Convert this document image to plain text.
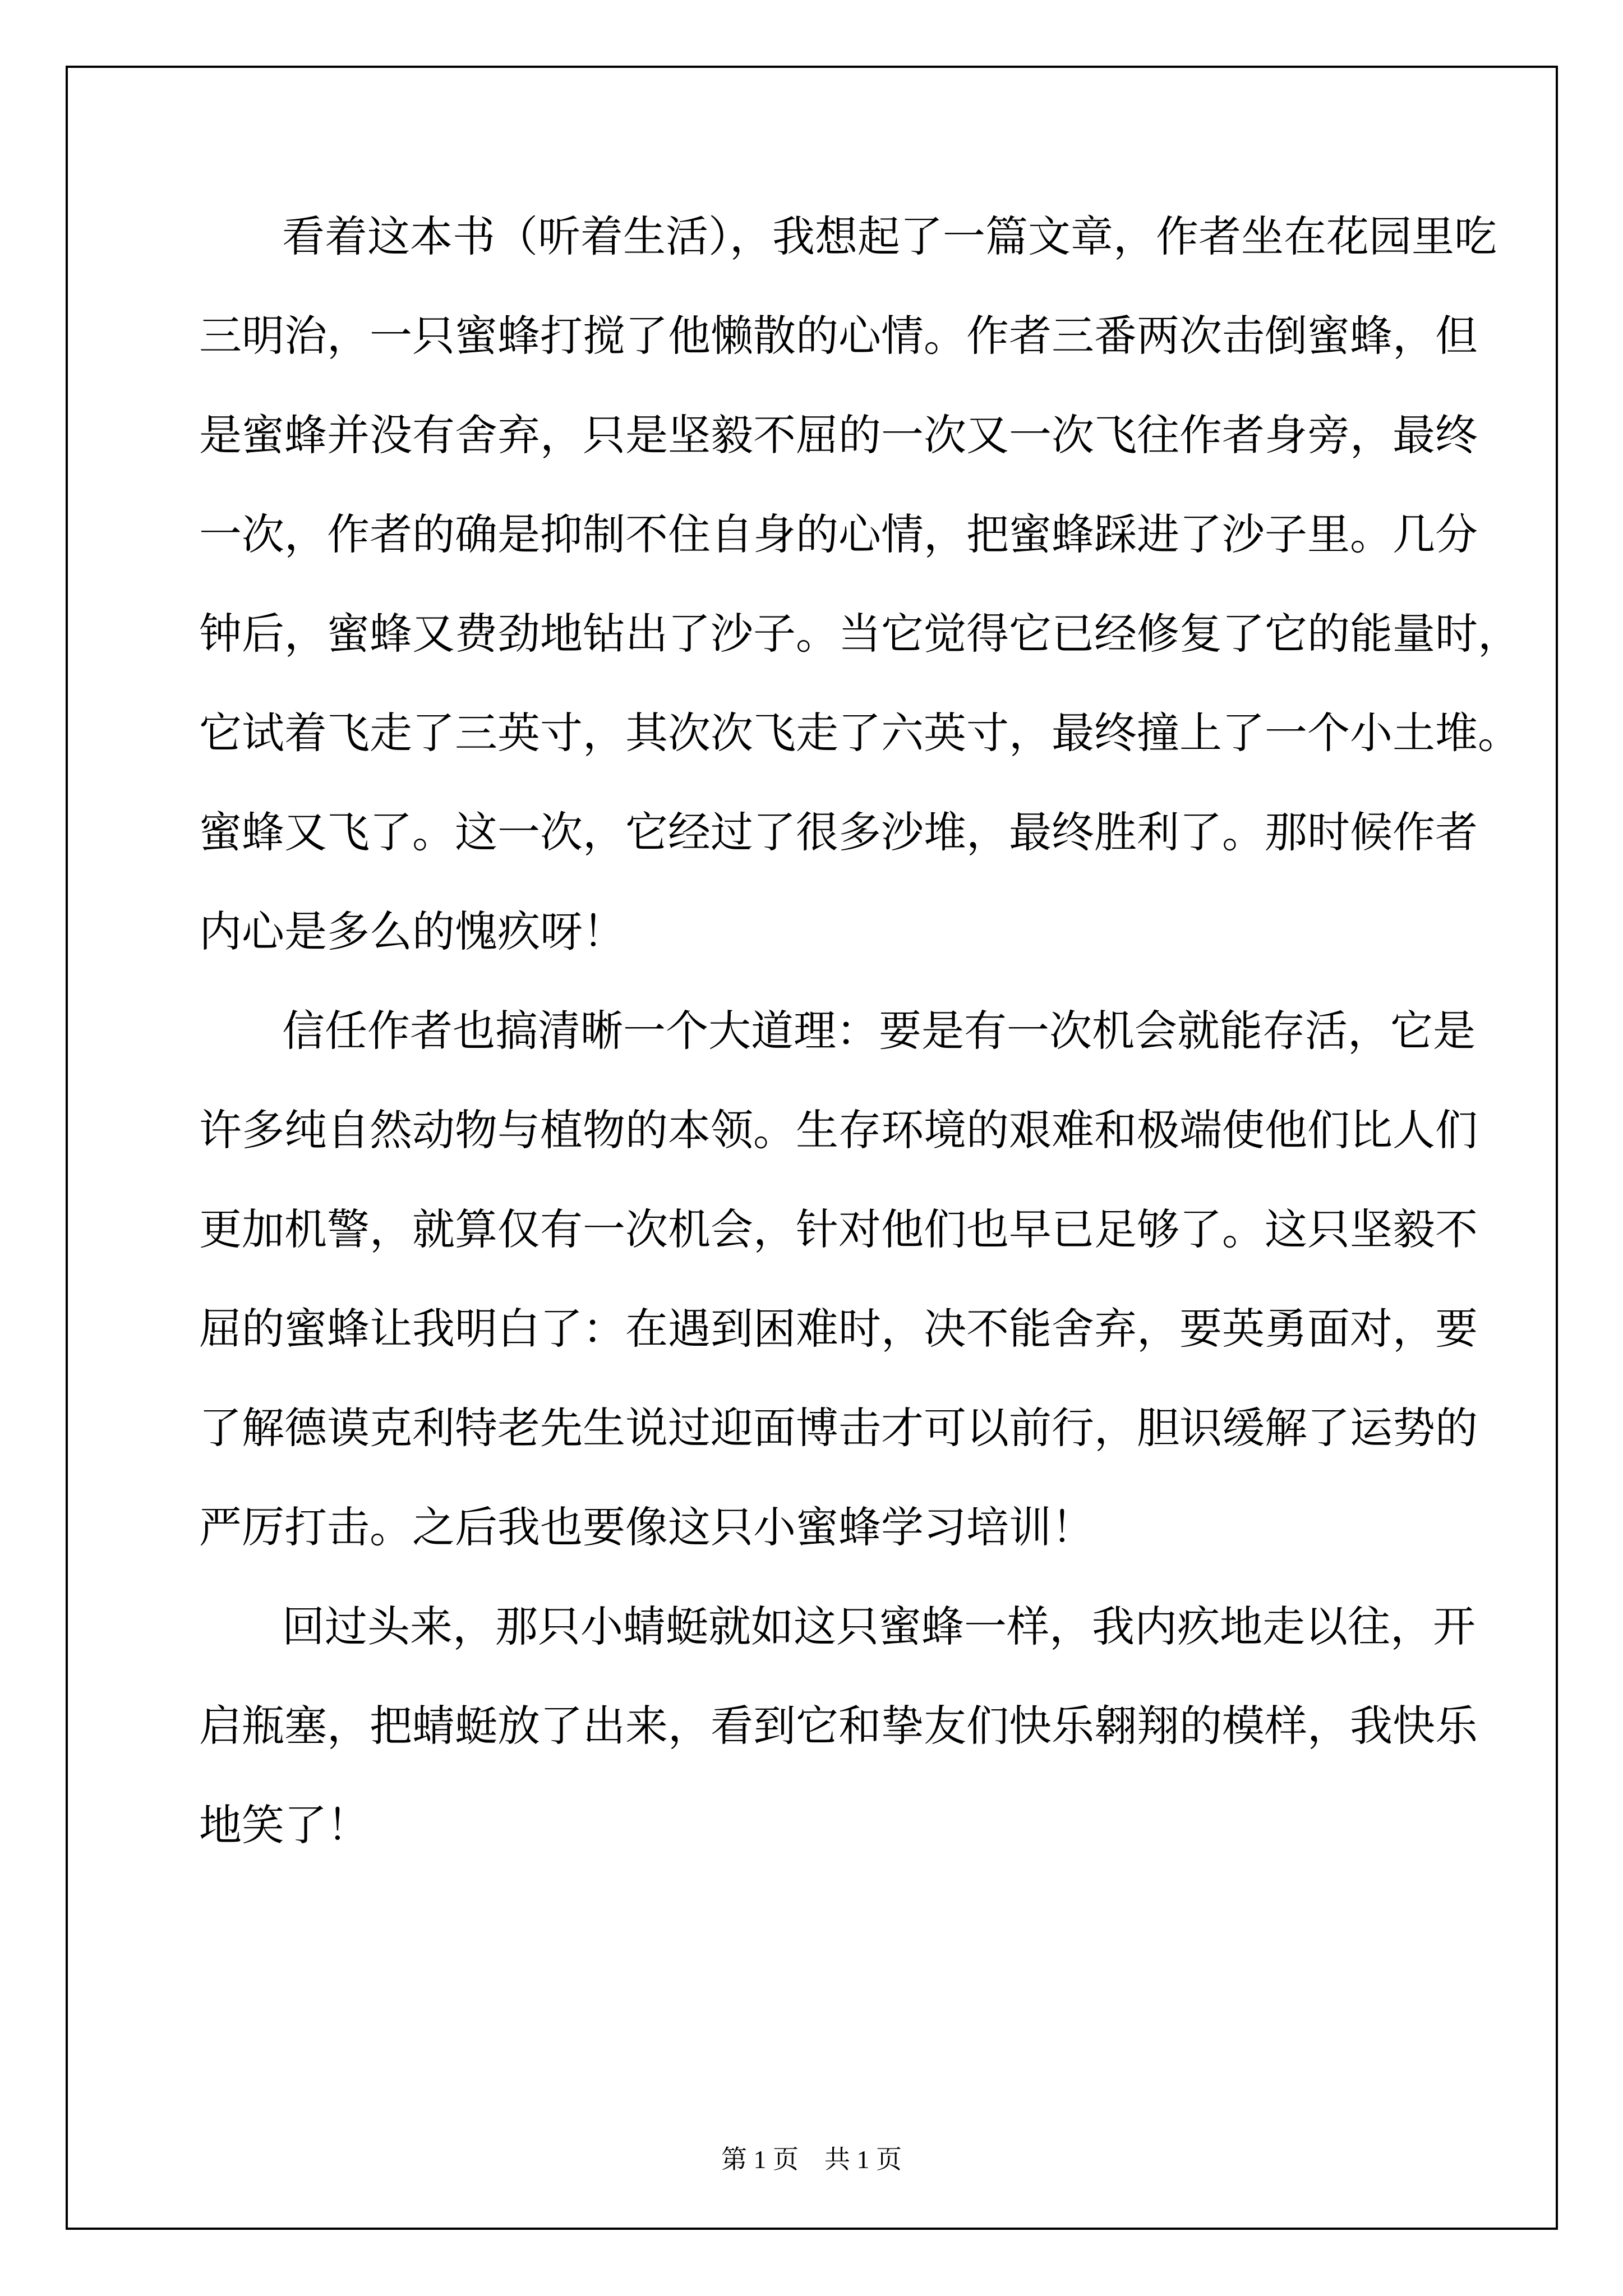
看着这本书（听着生活），我想起了一篇文章，作者坐在花园里吃
三明治，一只蜜蜂打搅了他懒散的心情。作者三番两次击倒蜜蜂，但
是蜜蜂并没有舍弃，只是坚毅不屈的一次又一次飞往作者身旁，最终
一次，作者的确是抑制不住自身的心情，把蜜蜂踩进了沙子里。几分
钟后，蜜蜂又费劲地钻出了沙子。当它觉得它已经修复了它的能量时，
它试着飞走了三英寸，其次次飞走了六英寸，最终撞上了一个小土堆。
蜜蜂又飞了。这一次，它经过了很多沙堆，最终胜利了。那时候作者
内心是多么的愧疚呀！
信任作者也搞清晰一个大道理：要是有一次机会就能存活，它是
许多纯自然动物与植物的本领。生存环境的艰难和极端使他们比人们
更加机警，就算仅有一次机会，针对他们也早已足够了。这只坚毅不
屈的蜜蜂让我明白了：在遇到困难时，决不能舍弃，要英勇面对，要
了解德谟克利特老先生说过迎面博击才可以前行，胆识缓解了运势的
严厉打击。之后我也要像这只小蜜蜂学习培训！
回过头来，那只小蜻蜓就如这只蜜蜂一样，我内疚地走以往，开
启瓶塞，把蜻蜓放了出来，看到它和挚友们快乐翱翔的模样，我快乐
地笑了！
第 1 页　共 1 页
